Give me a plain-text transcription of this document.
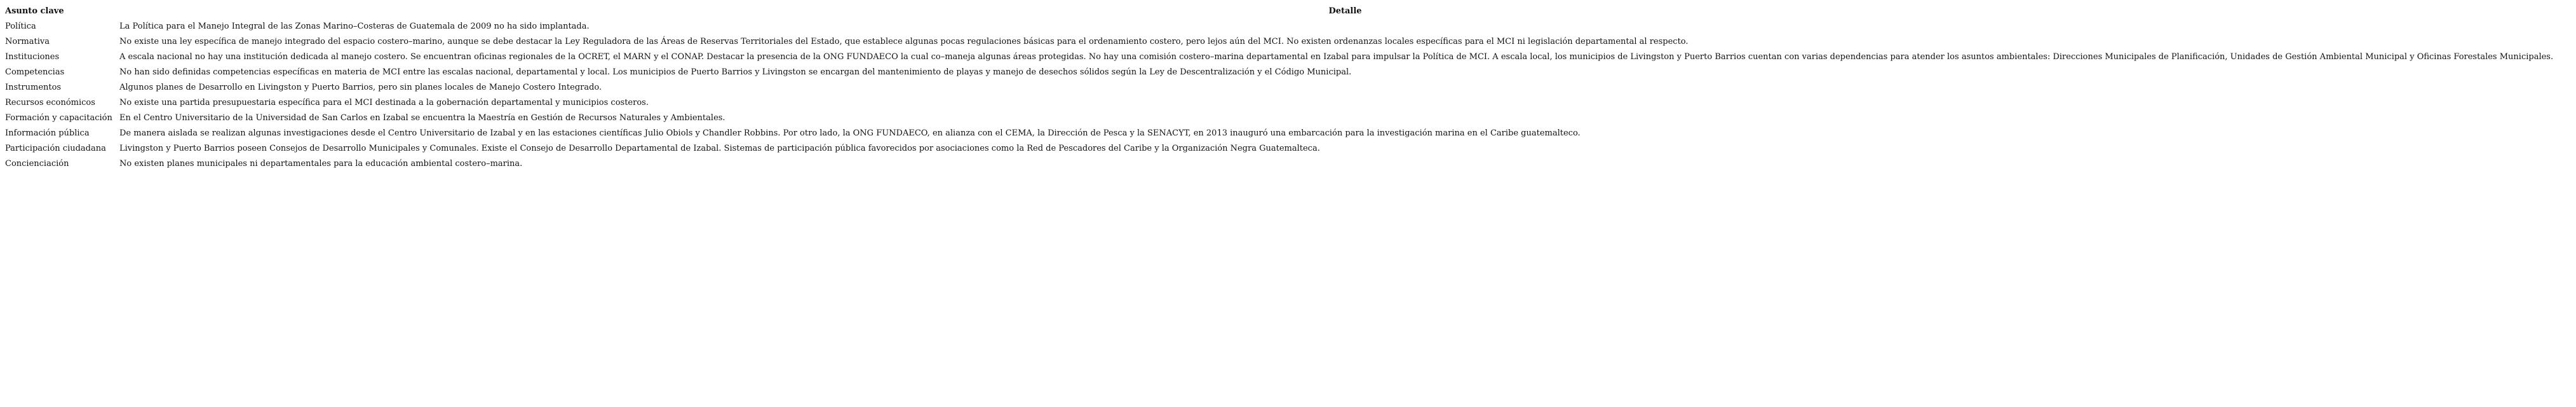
Asunto clave	Detalle
Política	La Política para el Manejo Integral de las Zonas Marino–Costeras de Guatemala de 2009 no ha sido implantada.
Normativa	No existe una ley específica de manejo integrado del espacio costero–marino, aunque se debe destacar la Ley Reguladora de las Áreas de Reservas Territoriales del Estado, que establece algunas pocas regulaciones básicas para el ordenamiento costero, pero lejos aún del MCI. No existen ordenanzas locales específicas para el MCI ni legislación departamental al respecto.
Instituciones	A escala nacional no hay una institución dedicada al manejo costero. Se encuentran oficinas regionales de la OCRET, el MARN y el CONAP. Destacar la presencia de la ONG FUNDAECO la cual co–maneja algunas áreas protegidas. No hay una comisión costero–marina departamental en Izabal para impulsar la Política de MCI. A escala local, los municipios de Livingston y Puerto Barrios cuentan con varias dependencias para atender los asuntos ambientales: Direcciones Municipales de Planificación, Unidades de Gestión Ambiental Municipal y Oficinas Forestales Municipales.
Competencias	No han sido definidas competencias específicas en materia de MCI entre las escalas nacional, departamental y local. Los municipios de Puerto Barrios y Livingston se encargan del mantenimiento de playas y manejo de desechos sólidos según la Ley de Descentralización y el Código Municipal.
Instrumentos	Algunos planes de Desarrollo en Livingston y Puerto Barrios, pero sin planes locales de Manejo Costero Integrado.
Recursos económicos	No existe una partida presupuestaria específica para el MCI destinada a la gobernación departamental y municipios costeros.
Formación y capacitación	En el Centro Universitario de la Universidad de San Carlos en Izabal se encuentra la Maestría en Gestión de Recursos Naturales y Ambientales.
Información pública	De manera aislada se realizan algunas investigaciones desde el Centro Universitario de Izabal y en las estaciones científicas Julio Obiols y Chandler Robbins. Por otro lado, la ONG FUNDAECO, en alianza con el CEMA, la Dirección de Pesca y la SENACYT, en 2013 inauguró una embarcación para la investigación marina en el Caribe guatemalteco.
Participación ciudadana	Livingston y Puerto Barrios poseen Consejos de Desarrollo Municipales y Comunales. Existe el Consejo de Desarrollo Departamental de Izabal. Sistemas de participación pública favorecidos por asociaciones como la Red de Pescadores del Caribe y la Organización Negra Guatemalteca.
Concienciación	No existen planes municipales ni departamentales para la educación ambiental costero–marina.
